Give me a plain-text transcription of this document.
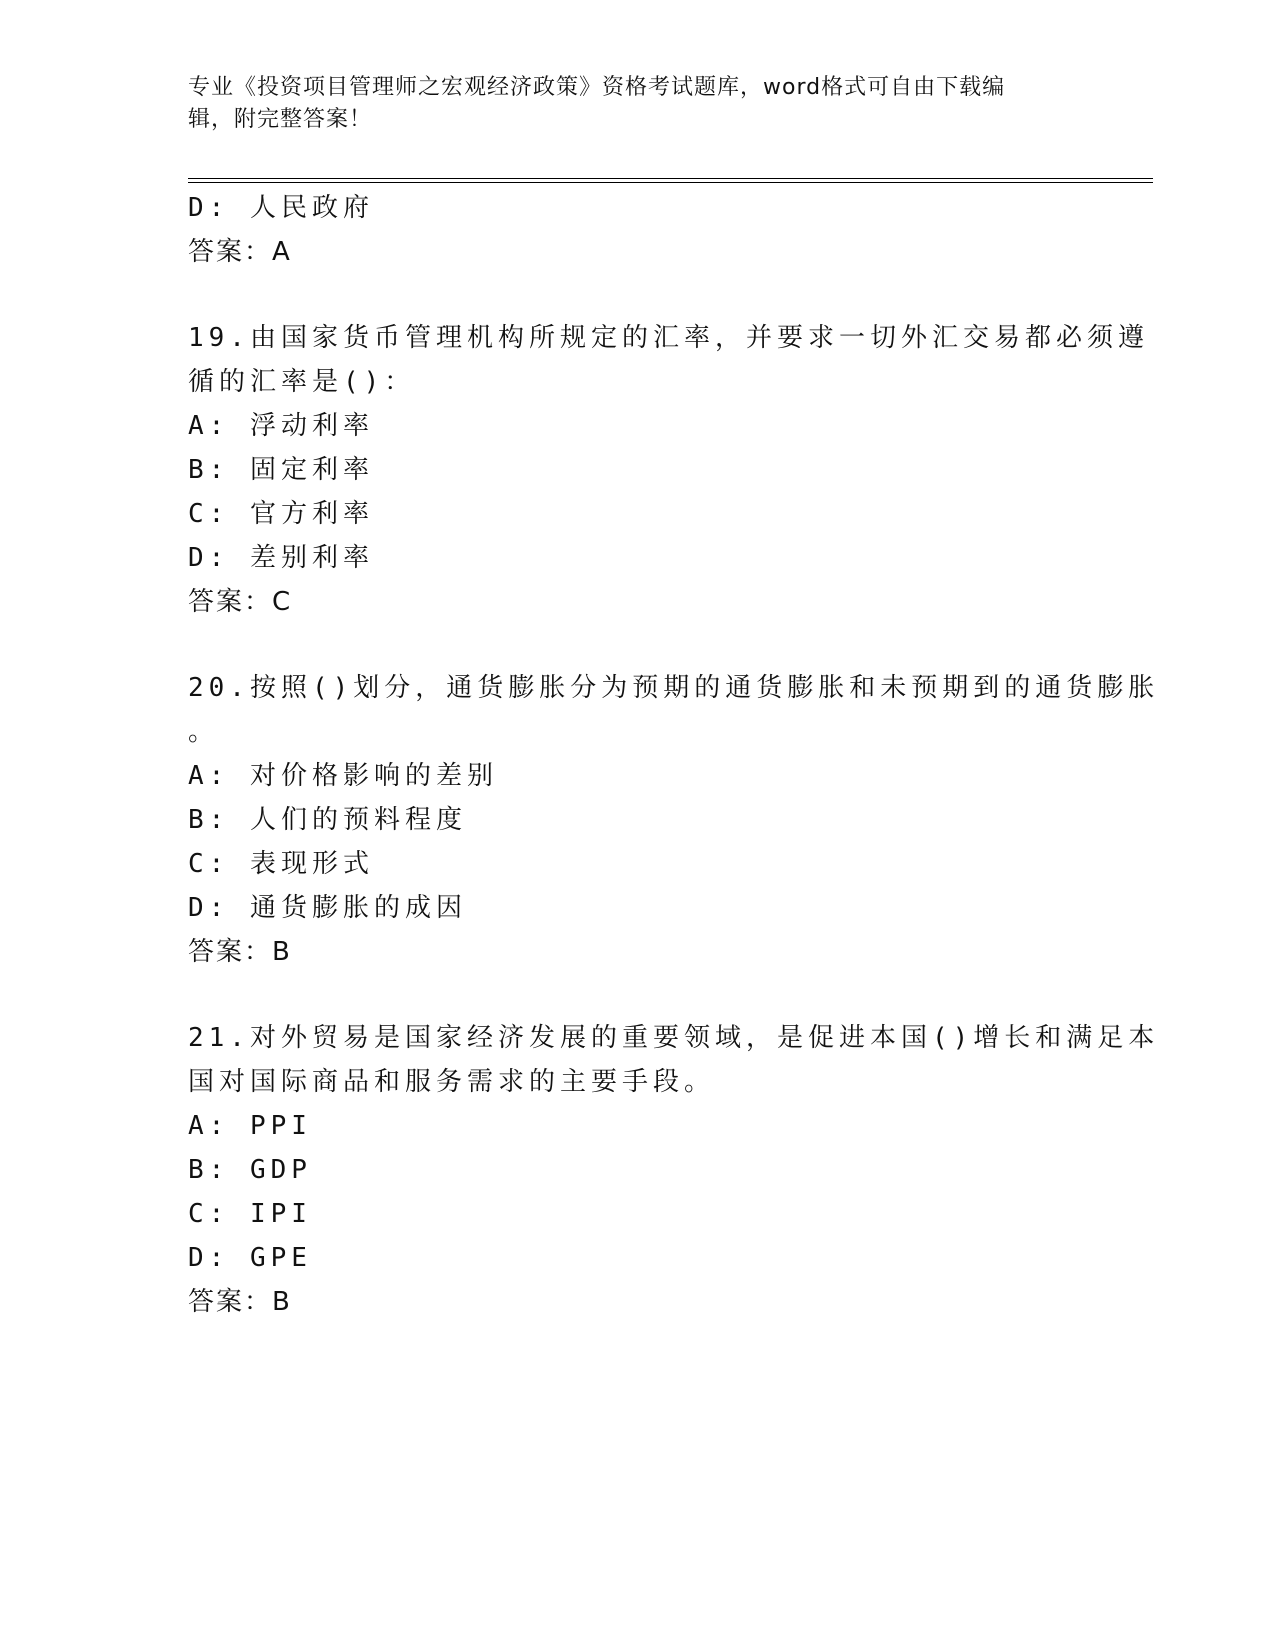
专业《投资项目管理师之宏观经济政策》资格考试题库，word格式可自由下载编
辑，附完整答案！
D: 人民政府
答案：A
19.由国家货币管理机构所规定的汇率，并要求一切外汇交易都必须遵
循的汇率是()：
A: 浮动利率
B: 固定利率
C: 官方利率
D: 差别利率
答案：C
20.按照()划分，通货膨胀分为预期的通货膨胀和未预期到的通货膨胀
。
A: 对价格影响的差别
B: 人们的预料程度
C: 表现形式
D: 通货膨胀的成因
答案：B
21.对外贸易是国家经济发展的重要领域，是促进本国()增长和满足本
国对国际商品和服务需求的主要手段。
A: PPI
B: GDP
C: IPI
D: GPE
答案：B
